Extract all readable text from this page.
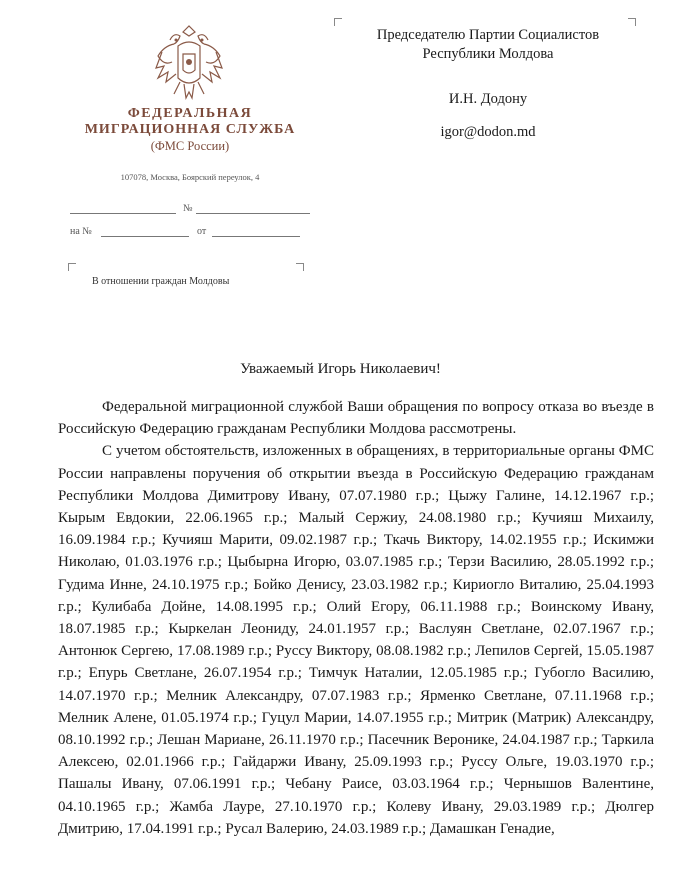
ФЕДЕРАЛЬНАЯ
МИГРАЦИОННАЯ СЛУЖБА
(ФМС России)
107078, Москва, Боярский переулок, 4
№
на №	от
В отношении граждан Молдовы
Председателю Партии Социалистов
Республики Молдова
И.Н. Додону
igor@dodon.md
Уважаемый Игорь Николаевич!

Федеральной миграционной службой Ваши обращения по вопросу отказа во въезде в Российскую Федерацию гражданам Республики Молдова рассмотрены.

С учетом обстоятельств, изложенных в обращениях, в территориальные органы ФМС России направлены поручения об открытии въезда в Российскую Федерацию гражданам Республики Молдова Димитрову Ивану, 07.07.1980 г.р.; Цыжу Галине, 14.12.1967 г.р.; Кырым Евдокии, 22.06.1965 г.р.; Малый Сержиу, 24.08.1980 г.р.; Кучияш Михаилу, 16.09.1984 г.р.; Кучияш Марити, 09.02.1987 г.р.; Ткачь Виктору, 14.02.1955 г.р.; Искимжи Николаю, 01.03.1976 г.р.; Цыбырна Игорю, 03.07.1985 г.р.; Терзи Василию, 28.05.1992 г.р.; Гудима Инне, 24.10.1975 г.р.; Бойко Денису, 23.03.1982 г.р.; Кириогло Виталию, 25.04.1993 г.р.; Кулибаба Дойне, 14.08.1995 г.р.; Олий Егору, 06.11.1988 г.р.; Воинскому Ивану, 18.07.1985 г.р.; Кыркелан Леониду, 24.01.1957 г.р.; Вaслуян Светлане, 02.07.1967 г.р.; Антонюк Сергею, 17.08.1989 г.р.; Руссу Виктору, 08.08.1982 г.р.; Лепилов Сергей, 15.05.1987 г.р.; Епурь Светлане, 26.07.1954 г.р.; Тимчук Наталии, 12.05.1985 г.р.; Губогло Василию, 14.07.1970 г.р.; Мелник Александру, 07.07.1983 г.р.; Ярменко Светлане, 07.11.1968 г.р.; Мелник Алене, 01.05.1974 г.р.; Гуцул Марии, 14.07.1955 г.р.; Митрик (Матрик) Александру, 08.10.1992 г.р.; Лешан Мариане, 26.11.1970 г.р.; Пасечник Веронике, 24.04.1987 г.р.; Таркила Алексею, 02.01.1966 г.р.; Гайдаржи Ивану, 25.09.1993 г.р.; Руссу Ольге, 19.03.1970 г.р.; Пашалы Ивану, 07.06.1991 г.р.; Чебану Раисе, 03.03.1964 г.р.; Чернышов Валентине, 04.10.1965 г.р.; Жамба Лауре, 27.10.1970 г.р.; Колеву Ивану, 29.03.1989 г.р.; Дюлгер Дмитрию, 17.04.1991 г.р.; Русал Валерию, 24.03.1989 г.р.; Дамашкан Генадие,
